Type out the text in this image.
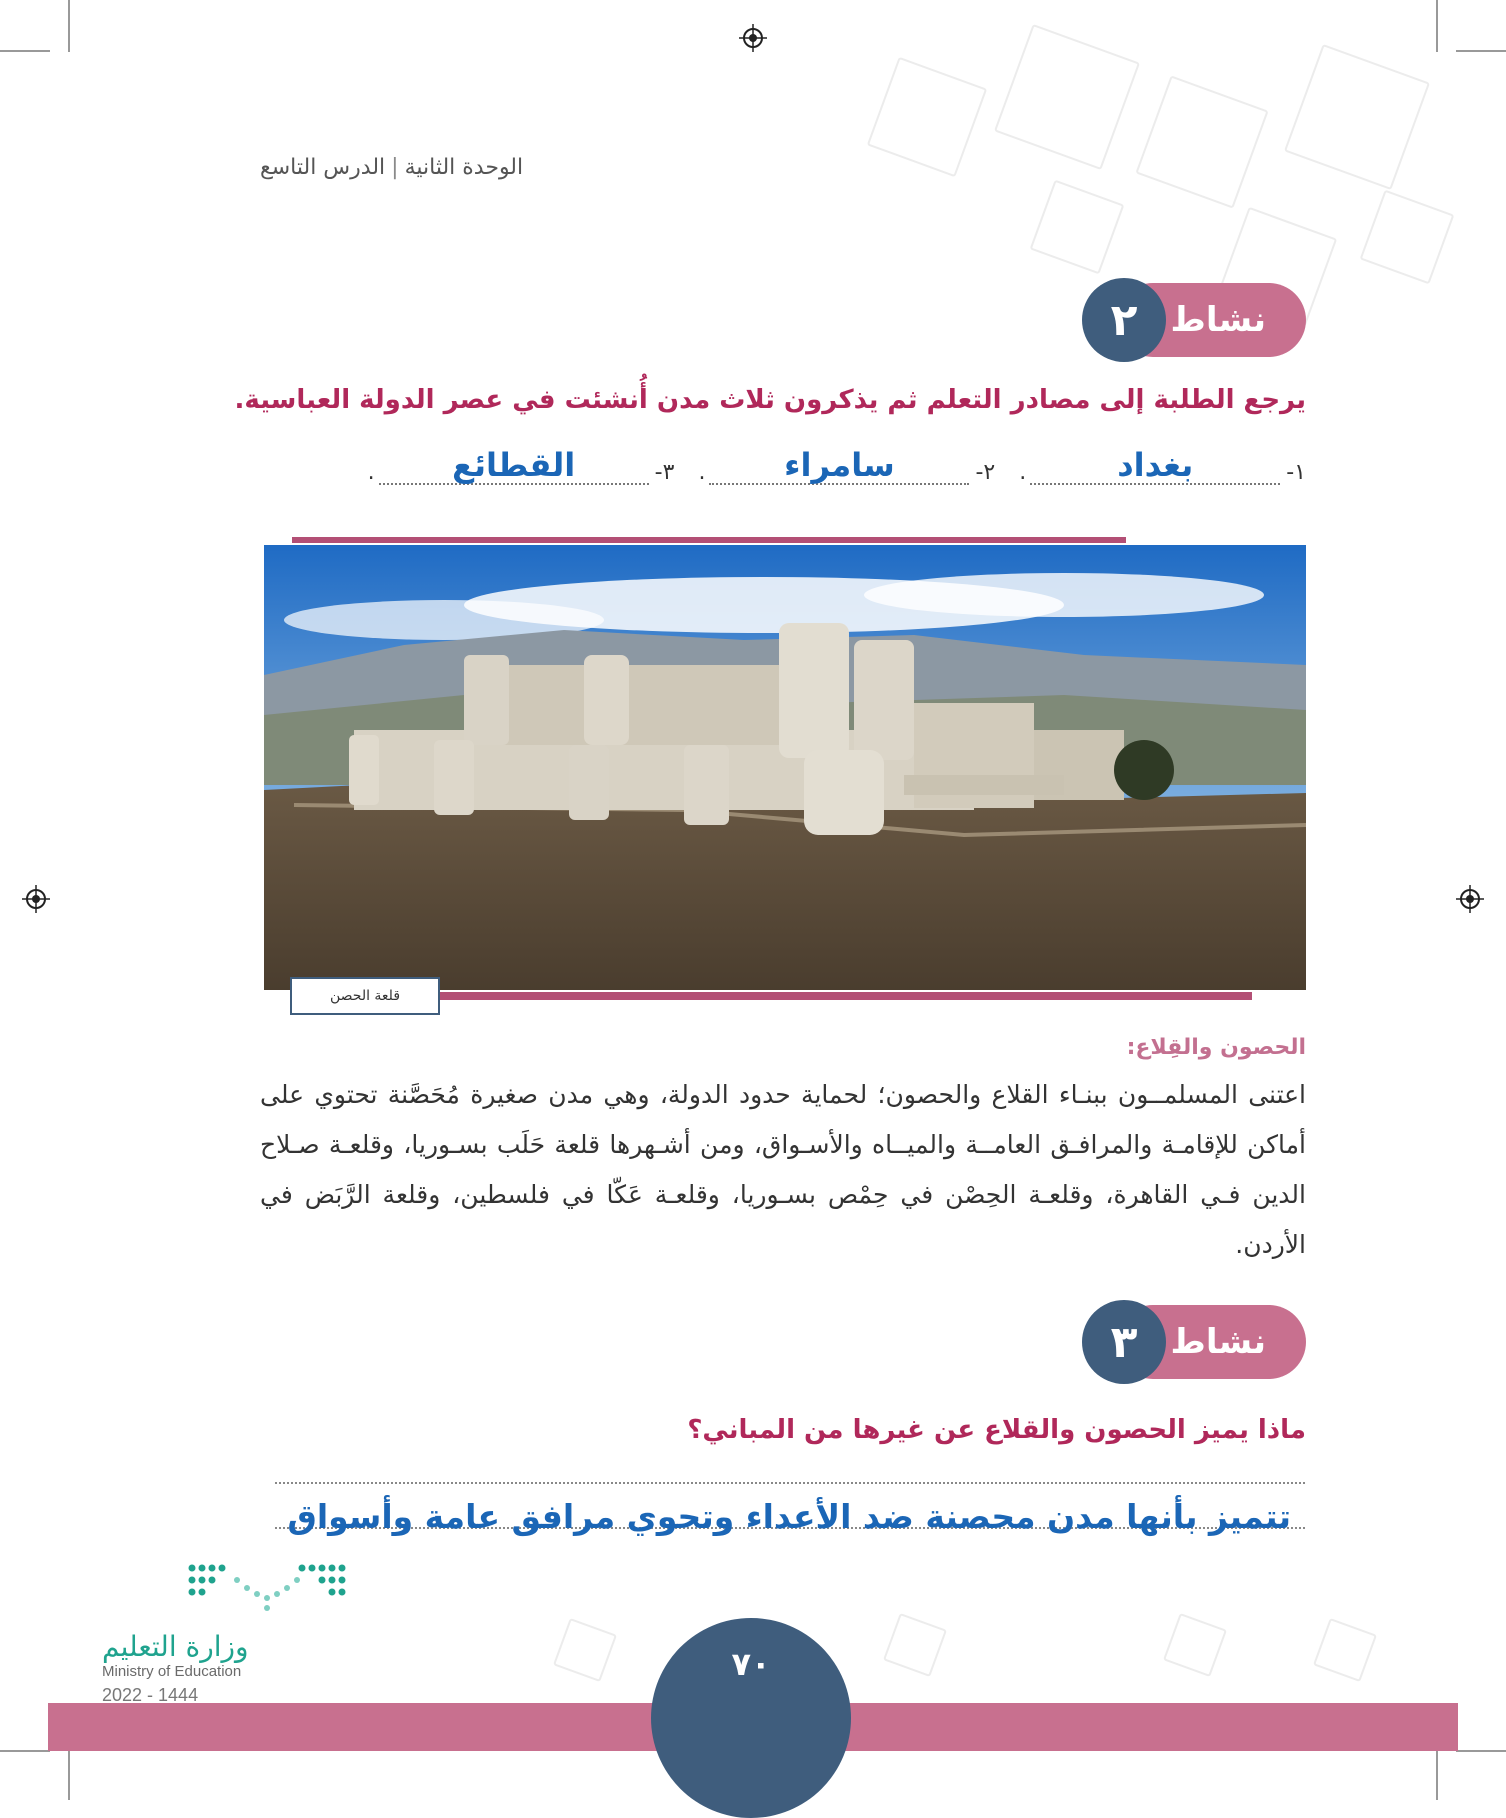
الوحدة الثانية|الدرس التاسع
نشاط
٢
يرجع الطلبة إلى مصادر التعلم ثم يذكرون ثلاث مدن أُنشئت في عصر الدولة العباسية.
١-
بغداد
.
٢-
سامراء
.
٣-
القطائع
.
قلعة الحصن
الحصون والقِلاع:
اعتنى المسلمــون ببنـاء القلاع والحصون؛ لحماية حدود الدولة، وهي مدن صغيرة مُحَصَّنة تحتوي على أماكن للإقامـة والمرافـق العامــة والميــاه والأسـواق، ومن أشـهرها قلعة حَلَب بسـوريا، وقلعـة صـلاح الدين فـي القاهرة، وقلعـة الحِصْن في حِمْص بسـوريا، وقلعـة عَكّا في فلسطين، وقلعة الرَّبَض في الأردن.
نشاط
٣
ماذا يميز الحصون والقلاع عن غيرها من المباني؟
تتميز بأنها مدن محصنة ضد الأعداء وتحوي مرافق عامة وأسواق
٧٠
وزارة التعليم
Ministry of Education
2022 - 1444
